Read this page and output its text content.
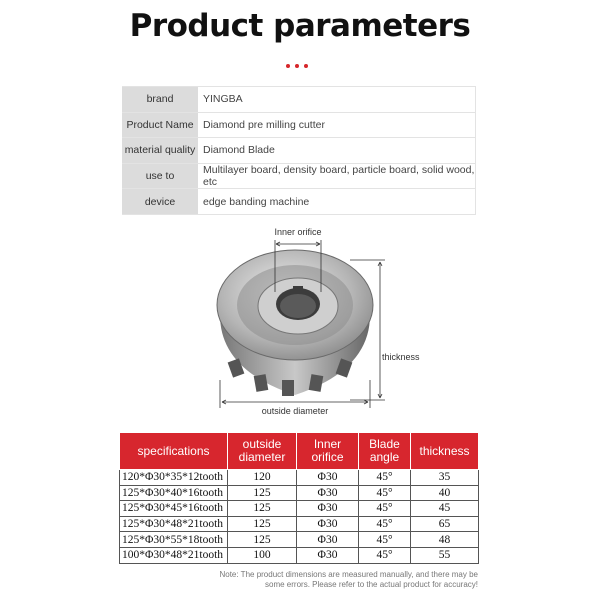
Product parameters
brand	YINGBA
Product Name	Diamond pre milling cutter
material quality	Diamond Blade
use to	Multilayer board, density board, particle board, solid wood, etc
device	edge banding machine
Inner orifice
thickness
outside diameter
specifications	outside diameter	Inner orifice	Blade angle	thickness
120*Φ30*35*12tooth	120	Φ30	45°	35
125*Φ30*40*16tooth	125	Φ30	45°	40
125*Φ30*45*16tooth	125	Φ30	45°	45
125*Φ30*48*21tooth	125	Φ30	45°	65
125*Φ30*55*18tooth	125	Φ30	45°	48
100*Φ30*48*21tooth	100	Φ30	45°	55
Note: The product dimensions are measured manually, and there may be
some errors. Please refer to the actual product for accuracy!
